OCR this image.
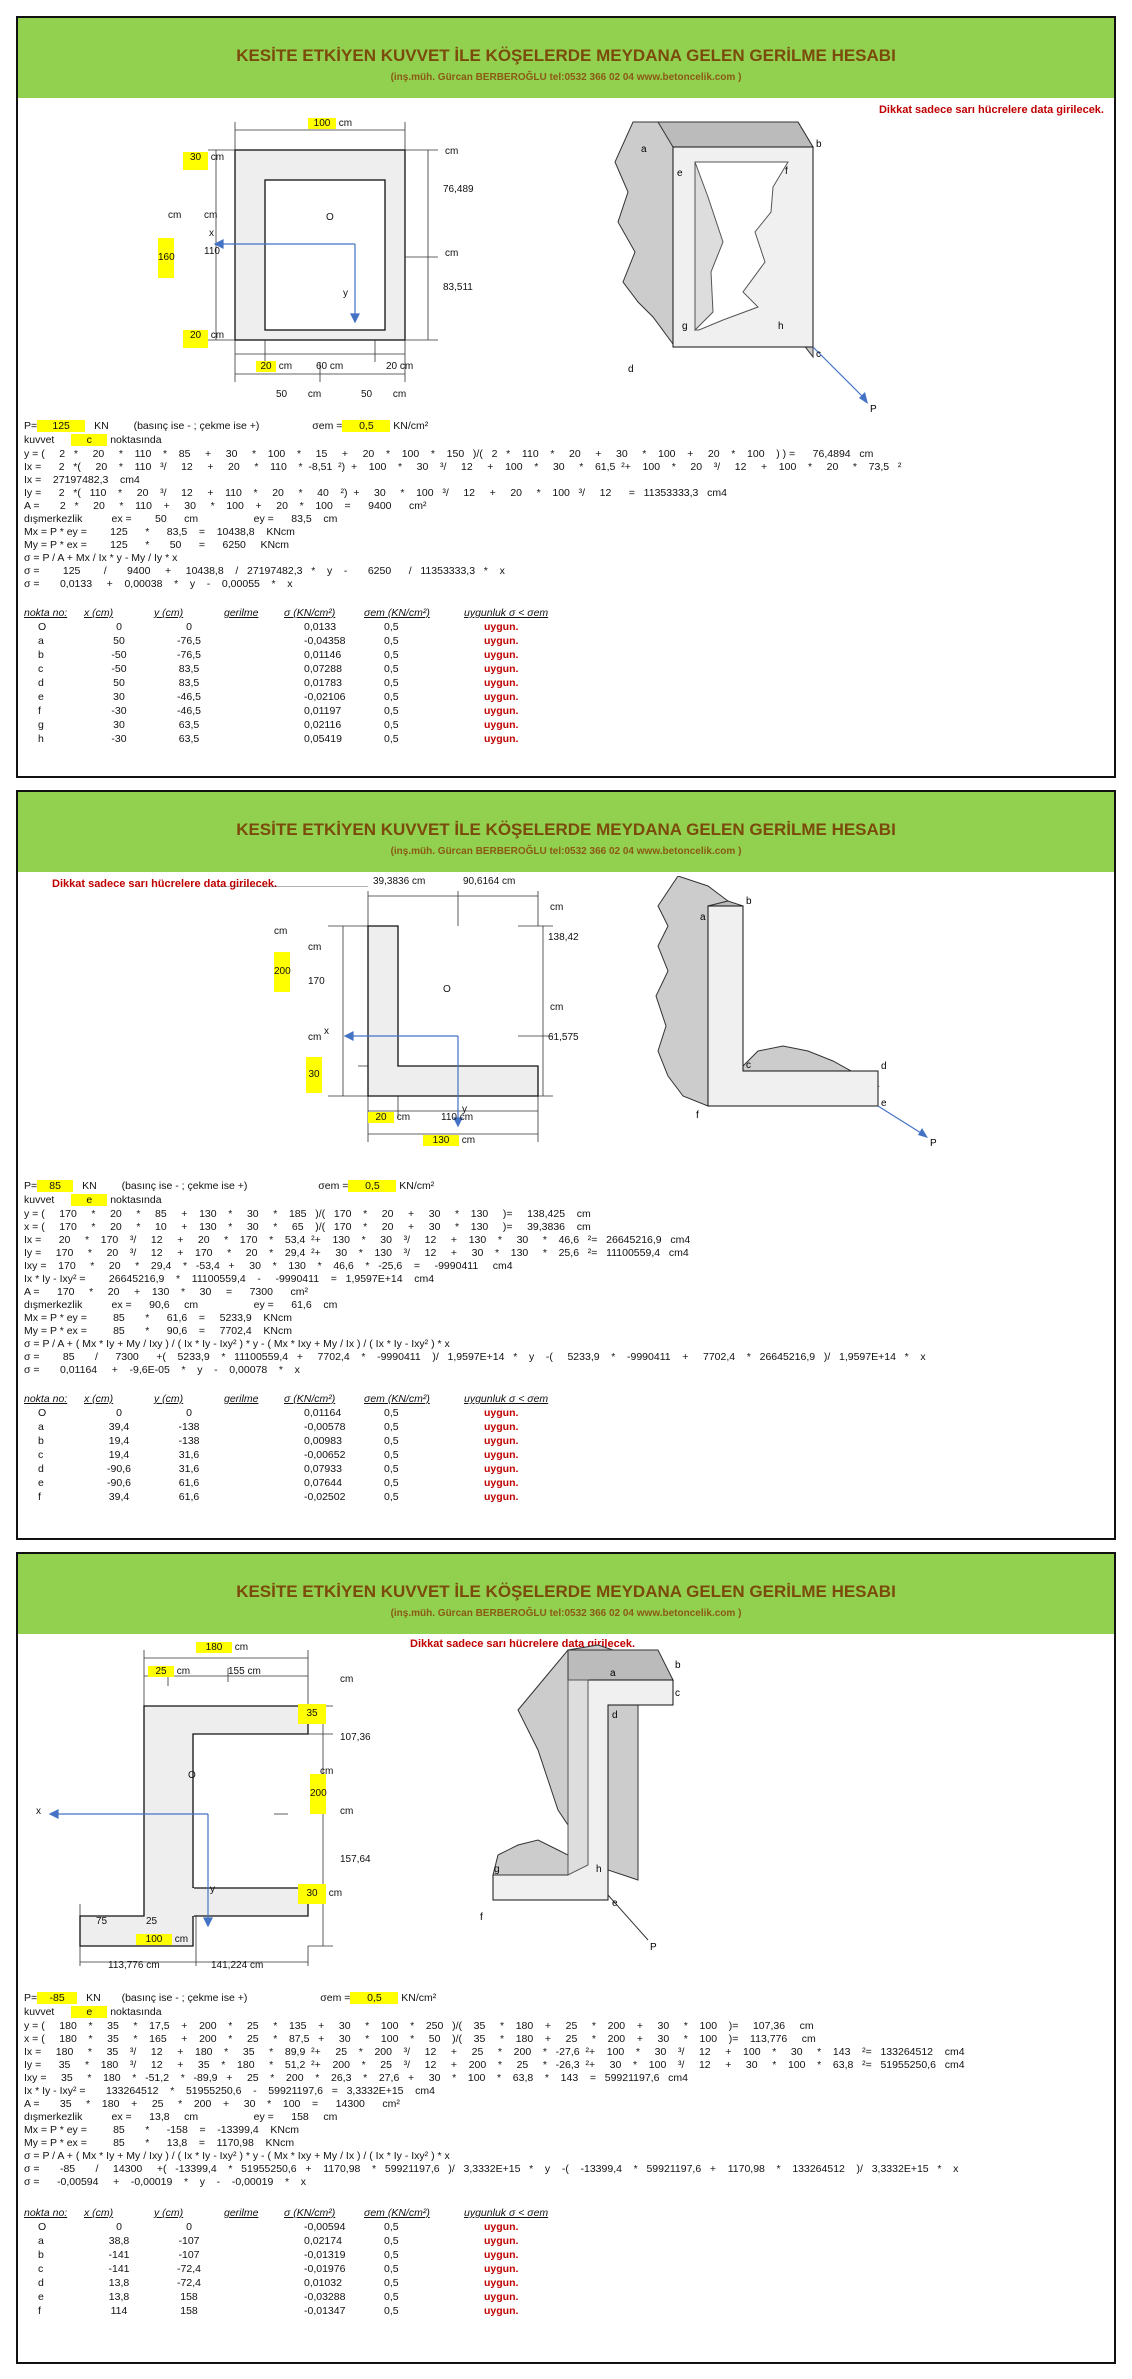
KESİTE ETKİYEN KUVVET İLE KÖŞELERDE MEYDANA GELEN GERİLME HESABI
(inş.müh. Gürcan BERBEROĞLU tel:0532 366 02 04 www.betoncelik.com )
Dikkat sadece sarı hücrelere data girilecek.
100 cm
30 cm
160
110
20 cm
cm cm
76,489
83,511
cm
cm
20 cm 60 cm	20 cm
50 cm	50 cm
O
x
y
a	b
c
d
e	f
g	h
P
P= 125 KN (basınç ise - ; çekme ise +)	σem = 0,5 KN/cm²
kuvvet	c noktasında
y = (     2   *     20     *    110    *    85     +     30     *    100    *     15     +     20    *    100    *    150   )/(   2   *    110    *     20     +     30     *    100    +     20    *    100    ) ) =      76,4894   cm
Ix =      2   *(     20    *    110   ³/     12     +     20     *    110    *  -8,51  ²)  +    100    *     30    ³/     12     +    100    *     30     *    61,5  ²+    100    *     20    ³/     12     +    100    *     20     *    73,5   ²
Ix =    27197482,3    cm4
Iy =      2   *(   110    *     20    ³/     12     +    110    *     20     *     40    ²)  +     30     *    100   ³/     12     +     20     *    100   ³/     12      =   11353333,3   cm4
A =       2   *     20     *    110    +     30     *    100    +     20    *    100    =      9400      cm²
dışmerkezlik          ex =        50      cm                   ey =      83,5    cm
Mx = P * ey =        125      *      83,5    =    10438,8    KNcm
My = P * ex =        125      *       50      =      6250     KNcm
σ = P / A + Mx / Ix * y - My / Iy * x
σ =        125        /       9400     +     10438,8    /   27197482,3   *    y    -       6250      /   11353333,3   *    x
σ =       0,0133     +    0,00038    *    y    -    0,00055    *    x
nokta no:	x (cm)	y (cm)	gerilme	σ (KN/cm²)	σem (KN/cm²)	uygunluk σ < σem
O	0	0		0,0133	0,5	uygun.
a	50	-76,5		-0,04358	0,5	uygun.
b	-50	-76,5		0,01146	0,5	uygun.
c	-50	83,5		0,07288	0,5	uygun.
d	50	83,5		0,01783	0,5	uygun.
e	30	-46,5		-0,02106	0,5	uygun.
f	-30	-46,5		0,01197	0,5	uygun.
g	30	63,5		0,02116	0,5	uygun.
h	-30	63,5		0,05419	0,5	uygun.
KESİTE ETKİYEN KUVVET İLE KÖŞELERDE MEYDANA GELEN GERİLME HESABI
(inş.müh. Gürcan BERBEROĞLU tel:0532 366 02 04 www.betoncelik.com )
Dikkat sadece sarı hücrelere data girilecek.	39,3836 cm	90,6164 cm
200
170
cm
cm
cm
30
138,42
61,575
cm
cm
20 cm	110 cm
130 cm
O
x
y
a
b
c	d
e
f
P
P= 85 KN (basınç ise - ; çekme ise +)	σem = 0,5 KN/cm²
kuvvet	e noktasında
y = (     170     *     20     *     85     +    130    *     30     *    185   )/(   170    *     20     +     30     *    130     )=     138,425    cm
x = (     170     *     20     *     10     +    130    *     30     *     65    )/(   170    *     20     +     30     *    130     )=     39,3836    cm
Ix =      20     *    170    ³/     12     +     20     *    170    *    53,4  ²+    130    *     30    ³/     12     +    130    *     30     *    46,6   ²=   26645216,9   cm4
Iy =     170     *     20    ³/     12     +    170     *     20    *    29,4  ²+     30    *    130    ³/     12     +     30    *    130     *    25,6   ²=   11100559,4   cm4
Ixy =    170     *     20     *    29,4    *   -53,4   +     30    *    130    *    46,6    *   -25,6    =     -9990411     cm4
Ix * Iy - Ixy² =        26645216,9    *    11100559,4    -     -9990411    =   1,9597E+14    cm4
A =      170     *     20     +    130    *     30     =      7300      cm²
dışmerkezlik          ex =      90,6     cm                   ey =      61,6    cm
Mx = P * ey =         85       *      61,6    =     5233,9    KNcm
My = P * ex =         85       *      90,6    =     7702,4    KNcm
σ = P / A + ( Mx * Iy + My / Ixy ) / ( Ix * Iy - Ixy² ) * y - ( Mx * Ixy + My / Ix ) / ( Ix * Iy - Ixy² ) * x
σ =        85       /      7300      +(    5233,9    *   11100559,4   +     7702,4    *    -9990411    )/   1,9597E+14   *    y    -(     5233,9    *    -9990411    +     7702,4    *   26645216,9   )/   1,9597E+14   *    x
σ =       0,01164     +    -9,6E-05    *    y    -    0,00078    *    x
nokta no:	x (cm)	y (cm)	gerilme	σ (KN/cm²)	σem (KN/cm²)	uygunluk σ < σem
O	0	0		0,01164	0,5	uygun.
a	39,4	-138		-0,00578	0,5	uygun.
b	19,4	-138		0,00983	0,5	uygun.
c	19,4	31,6		-0,00652	0,5	uygun.
d	-90,6	31,6		0,07933	0,5	uygun.
e	-90,6	61,6		0,07644	0,5	uygun.
f	39,4	61,6		-0,02502	0,5	uygun.
KESİTE ETKİYEN KUVVET İLE KÖŞELERDE MEYDANA GELEN GERİLME HESABI
(inş.müh. Gürcan BERBEROĞLU tel:0532 366 02 04 www.betoncelik.com )
Dikkat sadece sarı hücrelere data girilecek.
180 cm
25 cm	155 cm
35
107,36
cm
200
157,64
cm
cm
30 cm
75	25
100 cm
113,776 cm	141,224 cm
O
x
y
a
b
c
d
e
f
g	h
P
P= -85 KN (basınç ise - ; çekme ise +)	σem = 0,5 KN/cm²
kuvvet	e noktasında
y = (     180    *     35     *    17,5    +    200    *     25     *    135    +     30     *    100    *    250   )/(    35     *    180    +     25     *    200    +     30     *    100    )=     107,36     cm
x = (     180    *     35     *    165     +    200    *     25     *    87,5   +     30     *    100    *     50    )/(    35     *    180    +     25     *    200    +     30     *    100    )=    113,776     cm
Ix =     180     *     35    ³/     12     +    180    *     35     *    89,9  ²+     25    *    200    ³/     12     +     25     *    200    *   -27,6  ²+    100    *     30    ³/     12     +    100    *     30     *    143    ²=   133264512    cm4
Iy =      35     *    180    ³/     12     +     35    *    180     *    51,2  ²+    200    *     25    ³/     12     +    200    *     25     *   -26,3  ²+     30    *    100    ³/     12     +     30     *    100    *    63,8   ²=   51955250,6   cm4
Ixy =     35     *    180    *   -51,2    *   -89,9   +     25    *    200    *    26,3    *    27,6   +     30    *    100    *    63,8    *    143    =   59921197,6   cm4
Ix * Iy - Ixy² =       133264512    *    51955250,6    -    59921197,6   =   3,3332E+15    cm4
A =       35     *    180    +     25     *    200    +     30    *    100    =      14300      cm²
dışmerkezlik          ex =      13,8     cm                   ey =      158     cm
Mx = P * ey =         85       *      -158    =    -13399,4    KNcm
My = P * ex =         85       *      13,8    =    1170,98    KNcm
σ = P / A + ( Mx * Iy + My / Ixy ) / ( Ix * Iy - Ixy² ) * y - ( Mx * Ixy + My / Ix ) / ( Ix * Iy - Ixy² ) * x
σ =       -85       /     14300     +(   -13399,4    *   51955250,6   +    1170,98    *   59921197,6   )/   3,3332E+15   *    y    -(    -13399,4    *   59921197,6   +    1170,98    *    133264512    )/   3,3332E+15   *    x
σ =      -0,00594     +    -0,00019    *    y    -    -0,00019    *    x
nokta no:	x (cm)	y (cm)	gerilme	σ (KN/cm²)	σem (KN/cm²)	uygunluk σ < σem
O	0	0		-0,00594	0,5	uygun.
a	38,8	-107		0,02174	0,5	uygun.
b	-141	-107		-0,01319	0,5	uygun.
c	-141	-72,4		-0,01976	0,5	uygun.
d	13,8	-72,4		0,01032	0,5	uygun.
e	13,8	158		-0,03288	0,5	uygun.
f	114	158		-0,01347	0,5	uygun.
